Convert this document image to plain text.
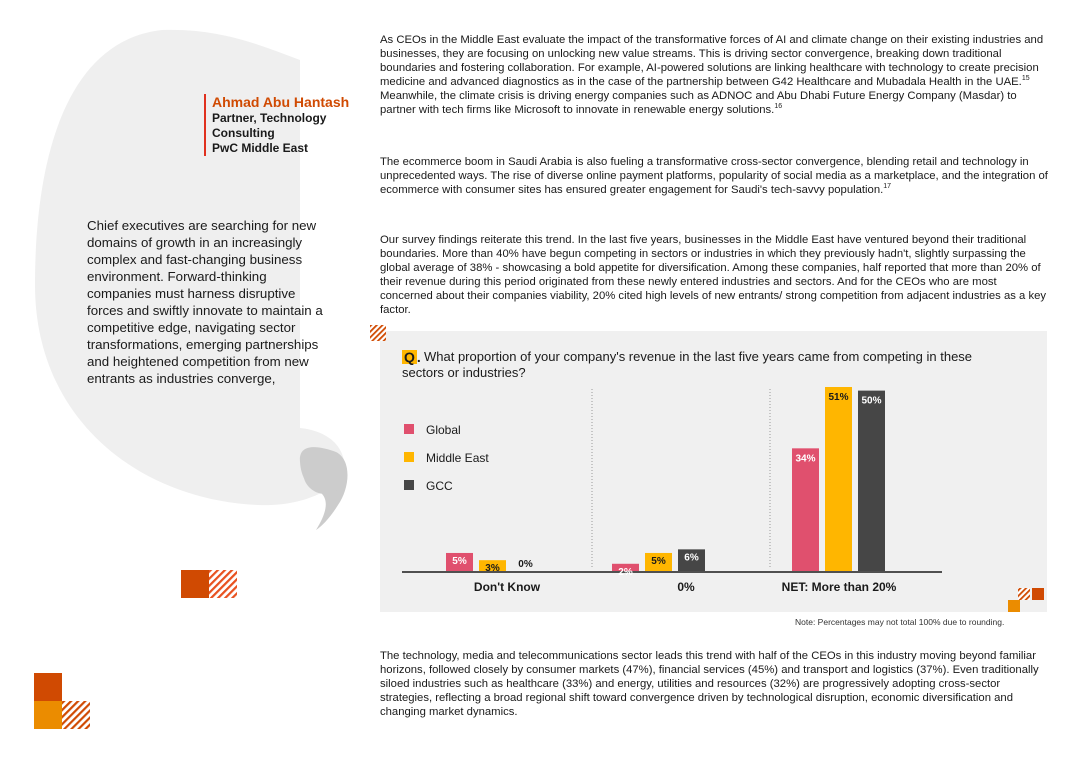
Ahmad Abu Hantash
Partner, Technology
Consulting
PwC Middle East
Chief executives are searching for new domains of growth in an increasingly complex and fast-changing business environment. Forward-thinking companies must harness disruptive forces and swiftly innovate to maintain a competitive edge, navigating sector transformations, emerging partnerships and heightened competition from new entrants as industries converge,

As CEOs in the Middle East evaluate the impact of the transformative forces of AI and climate change on their existing industries and businesses, they are focusing on unlocking new value streams. This is driving sector convergence, breaking down traditional boundaries and fostering collaboration. For example, AI-powered solutions are linking healthcare with technology to create precision medicine and advanced diagnostics as in the case of the partnership between G42 Healthcare and Mubadala Health in the UAE.$^{15}$ Meanwhile, the climate crisis is driving energy companies such as ADNOC and Abu Dhabi Future Energy Company (Masdar) to partner with tech firms like Microsoft to innovate in renewable energy solutions.$^{16}$

The ecommerce boom in Saudi Arabia is also fueling a transformative cross-sector convergence, blending retail and technology in unprecedented ways. The rise of diverse online payment platforms, popularity of social media as a marketplace, and the integration of ecommerce with consumer sites has ensured greater engagement for Saudi's tech-savvy population.$^{17}$

Our survey findings reiterate this trend. In the last five years, businesses in the Middle East have ventured beyond their traditional boundaries. More than 40% have begun competing in sectors or industries in which they previously hadn't, slightly surpassing the global average of 38% - showcasing a bold appetite for diversification. Among these companies, half reported that more than 20% of their revenue during this period originated from these newly entered industries and sectors. And for the CEOs who are most concerned about their companies viability, 20% cited high levels of new entrants/ strong competition from adjacent industries as a key factor.

What proportion of your company's revenue in the last five years came from competing in these sectors or industries?
Q .
5%
3% 0%
2%
5% 6%
34%
51% 50%
Global
Middle East
GCC
Don't Know	0%	NET: More than 20%
Note: Percentages may not total 100% due to rounding.

The technology, media and telecommunications sector leads this trend with half of the CEOs in this industry moving beyond familiar horizons, followed closely by consumer markets (47%), financial services (45%) and transport and logistics (37%). Even traditionally siloed industries such as healthcare (33%) and energy, utilities and resources (32%) are progressively adopting cross-sector strategies, reflecting a broad regional shift toward convergence driven by technological disruption, economic diversification and changing market dynamics.
